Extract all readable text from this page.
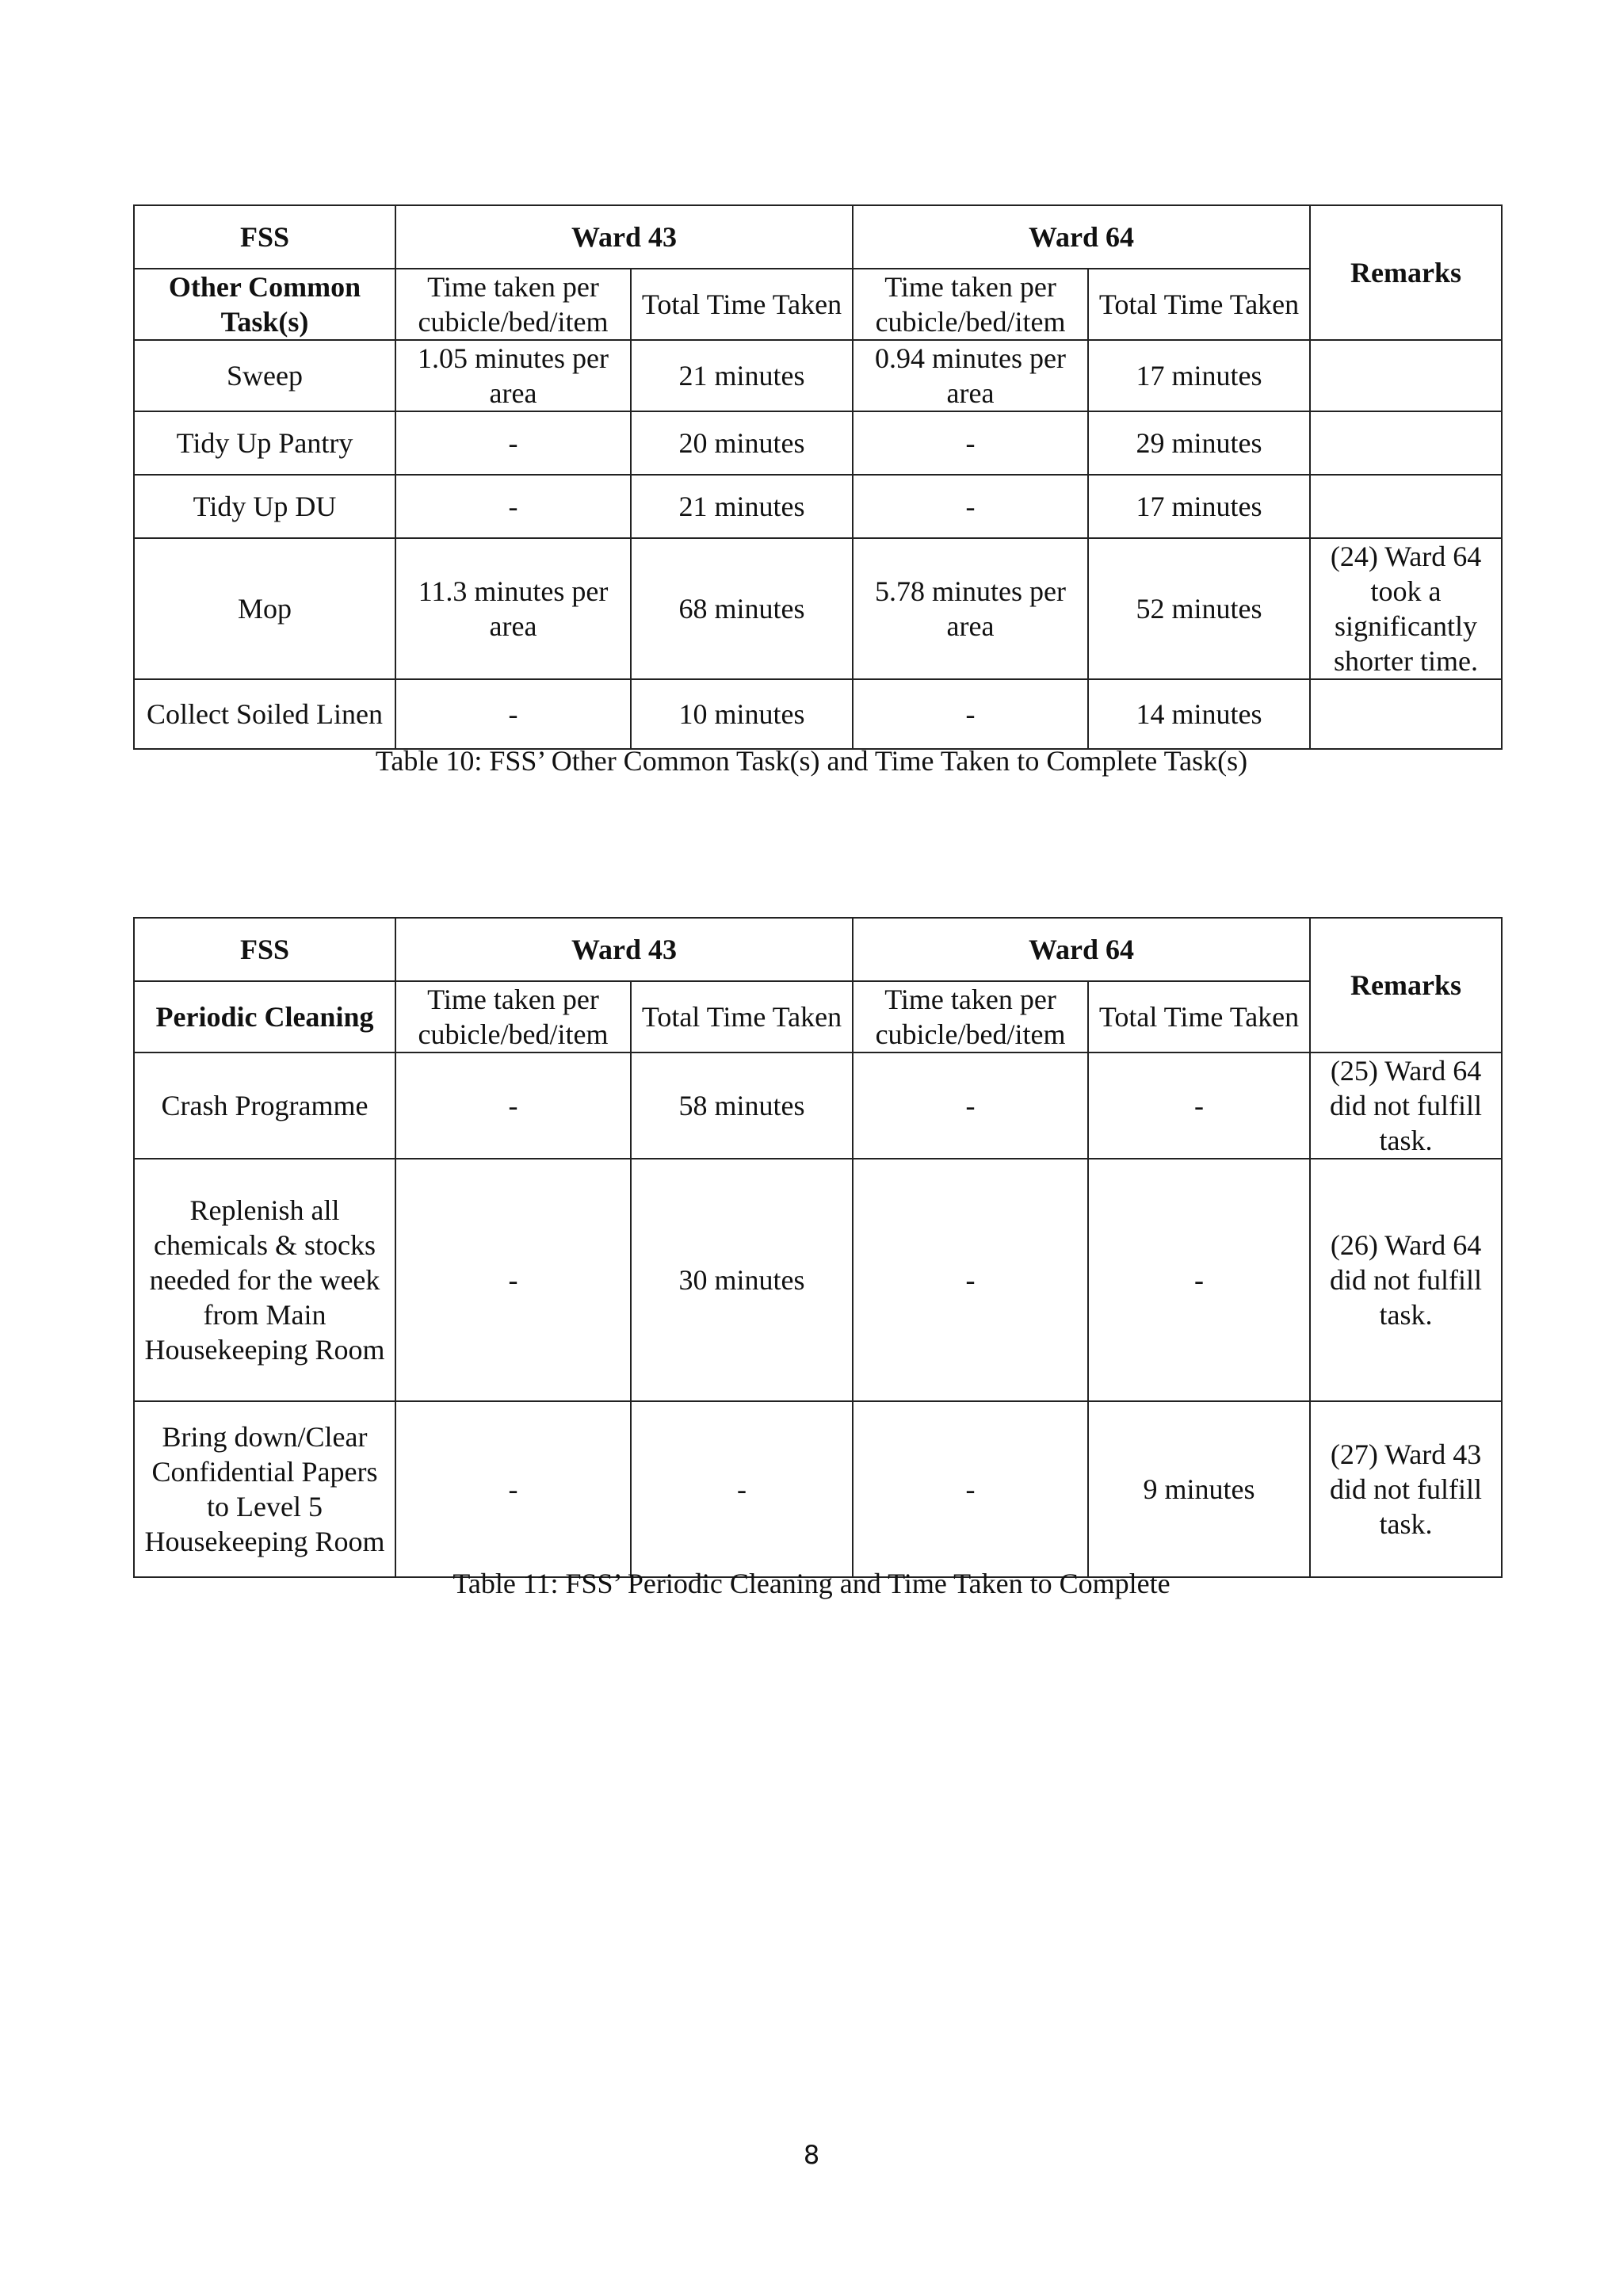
FSS	Ward 43		Ward 64		Remarks
Other Common Task(s)	Time taken per cubicle/bed/item	Total Time Taken	Time taken per cubicle/bed/item	Total Time Taken	
Sweep	1.05 minutes per area	21 minutes	0.94 minutes per area	17 minutes	
Tidy Up Pantry	-	20 minutes	-	29 minutes	
Tidy Up DU	-	21 minutes	-	17 minutes	
Mop	11.3 minutes per area	68 minutes	5.78 minutes per area	52 minutes	(24) Ward 64 took a significantly shorter time.
Collect Soiled Linen	-	10 minutes	-	14 minutes	
Table 10: FSS’ Other Common Task(s) and Time Taken to Complete Task(s)
FSS	Ward 43		Ward 64		Remarks
Periodic Cleaning	Time taken per cubicle/bed/item	Total Time Taken	Time taken per cubicle/bed/item	Total Time Taken	
Crash Programme	-	58 minutes	-	-	(25) Ward 64 did not fulfill task.
Replenish all chemicals & stocks needed for the week from Main Housekeeping Room	-	30 minutes	-	-	(26) Ward 64 did not fulfill task.
Bring down/Clear Confidential Papers to Level 5 Housekeeping Room	-	-	-	9 minutes	(27) Ward 43 did not fulfill task.
Table 11: FSS’ Periodic Cleaning and Time Taken to Complete
8
